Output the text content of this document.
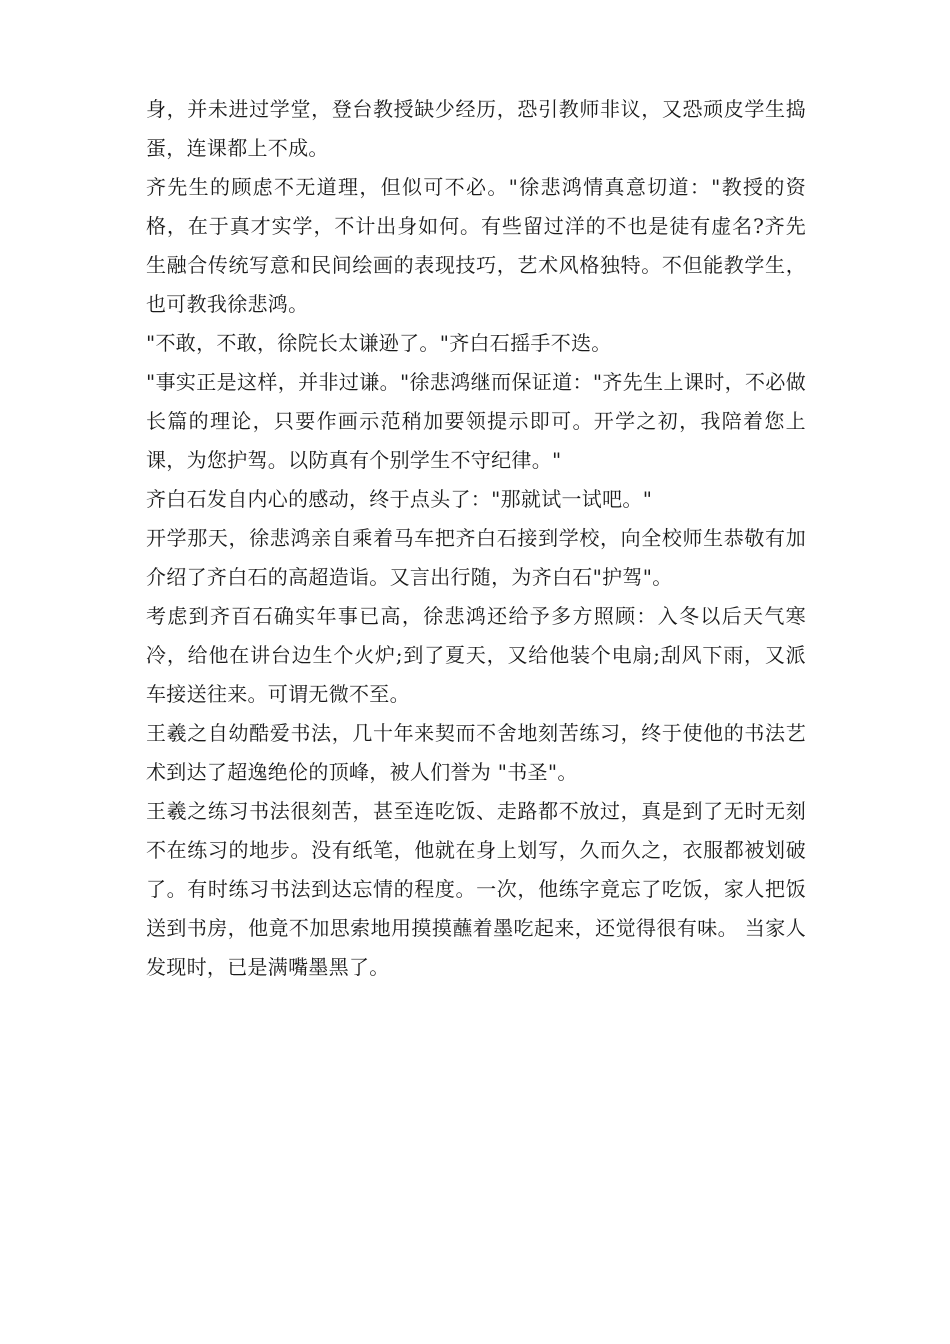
身，并未进过学堂，登台教授缺少经历，恐引教师非议，又恐顽皮学生捣蛋，连课都上不成。

齐先生的顾虑不无道理，但似可不必。"徐悲鸿情真意切道："教授的资格，在于真才实学，不计出身如何。有些留过洋的不也是徒有虚名?齐先生融合传统写意和民间绘画的表现技巧，艺术风格独特。不但能教学生，也可教我徐悲鸿。

"不敢，不敢，徐院长太谦逊了。"齐白石摇手不迭。

"事实正是这样，并非过谦。"徐悲鸿继而保证道："齐先生上课时，不必做长篇的理论，只要作画示范稍加要领提示即可。开学之初，我陪着您上课，为您护驾。以防真有个别学生不守纪律。"

齐白石发自内心的感动，终于点头了："那就试一试吧。"

开学那天，徐悲鸿亲自乘着马车把齐白石接到学校，向全校师生恭敬有加介绍了齐白石的高超造诣。又言出行随，为齐白石"护驾"。

考虑到齐百石确实年事已高，徐悲鸿还给予多方照顾：入冬以后天气寒冷，给他在讲台边生个火炉;到了夏天，又给他装个电扇;刮风下雨，又派车接送往来。可谓无微不至。

王羲之自幼酷爱书法，几十年来契而不舍地刻苦练习，终于使他的书法艺术到达了超逸绝伦的顶峰，被人们誉为 "书圣"。

王羲之练习书法很刻苦，甚至连吃饭、走路都不放过，真是到了无时无刻不在练习的地步。没有纸笔，他就在身上划写，久而久之，衣服都被划破了。有时练习书法到达忘情的程度。一次，他练字竟忘了吃饭，家人把饭送到书房，他竟不加思索地用摸摸蘸着墨吃起来，还觉得很有味。 当家人发现时，已是满嘴墨黑了。
